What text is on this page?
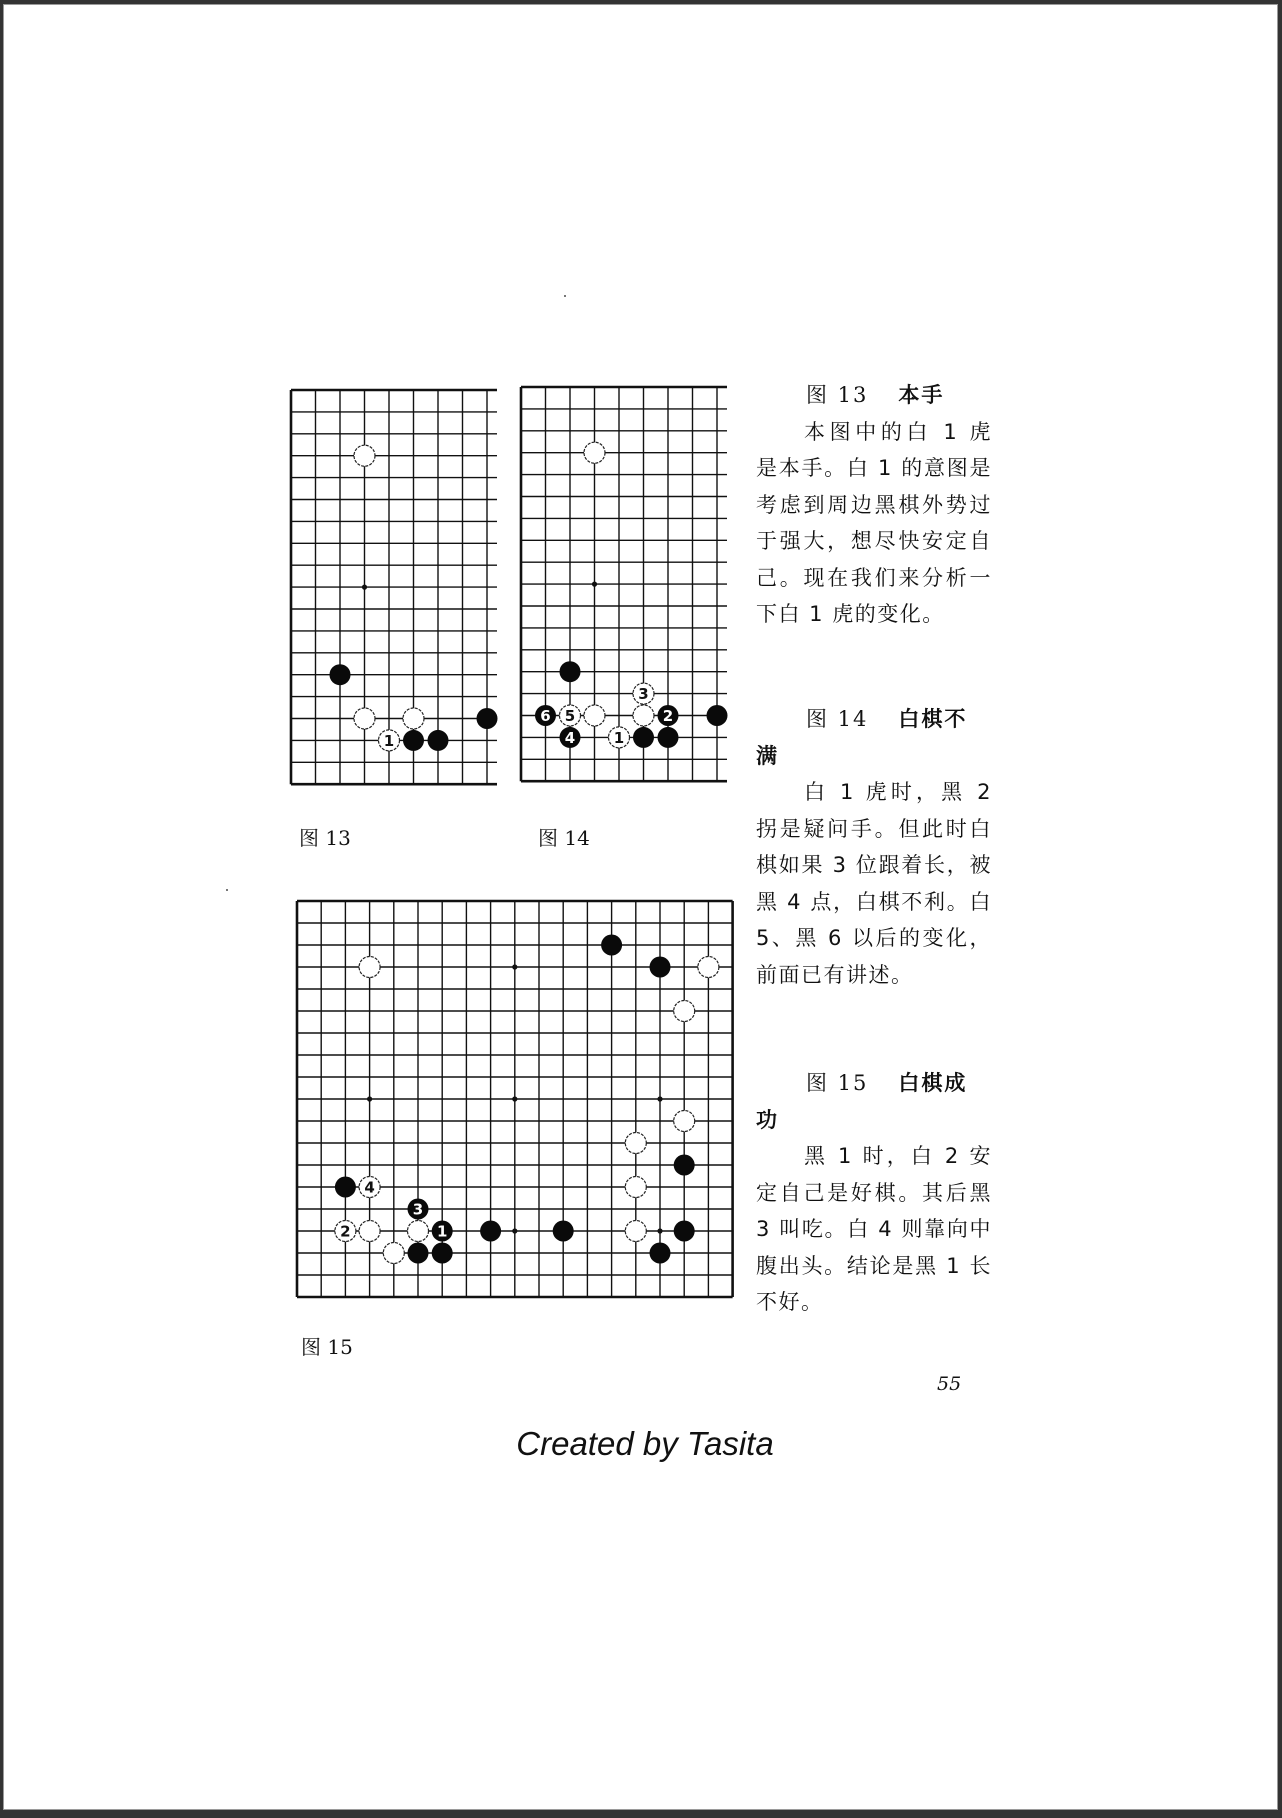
1
图 13
3
6 5	2
4	1
图 14
4
3
2	1
图 15
图 13 本手
本图中的白 1 虎是本手。白 1 的意图是考虑到周边黑棋外势过于强大，想尽快安定自己。现在我们来分析一下白 1 虎的变化。
图 14 白棋不
满
白 1 虎时，黑 2 拐是疑问手。但此时白棋如果 3 位跟着长，被黑 4 点，白棋不利。白 5、黑 6 以后的变化，前面已有讲述。
图 15 白棋成
功
黑 1 时，白 2 安定自己是好棋。其后黑 3 叫吃。白 4 则靠向中腹出头。结论是黑 1 长不好。
55
Created by Tasita
